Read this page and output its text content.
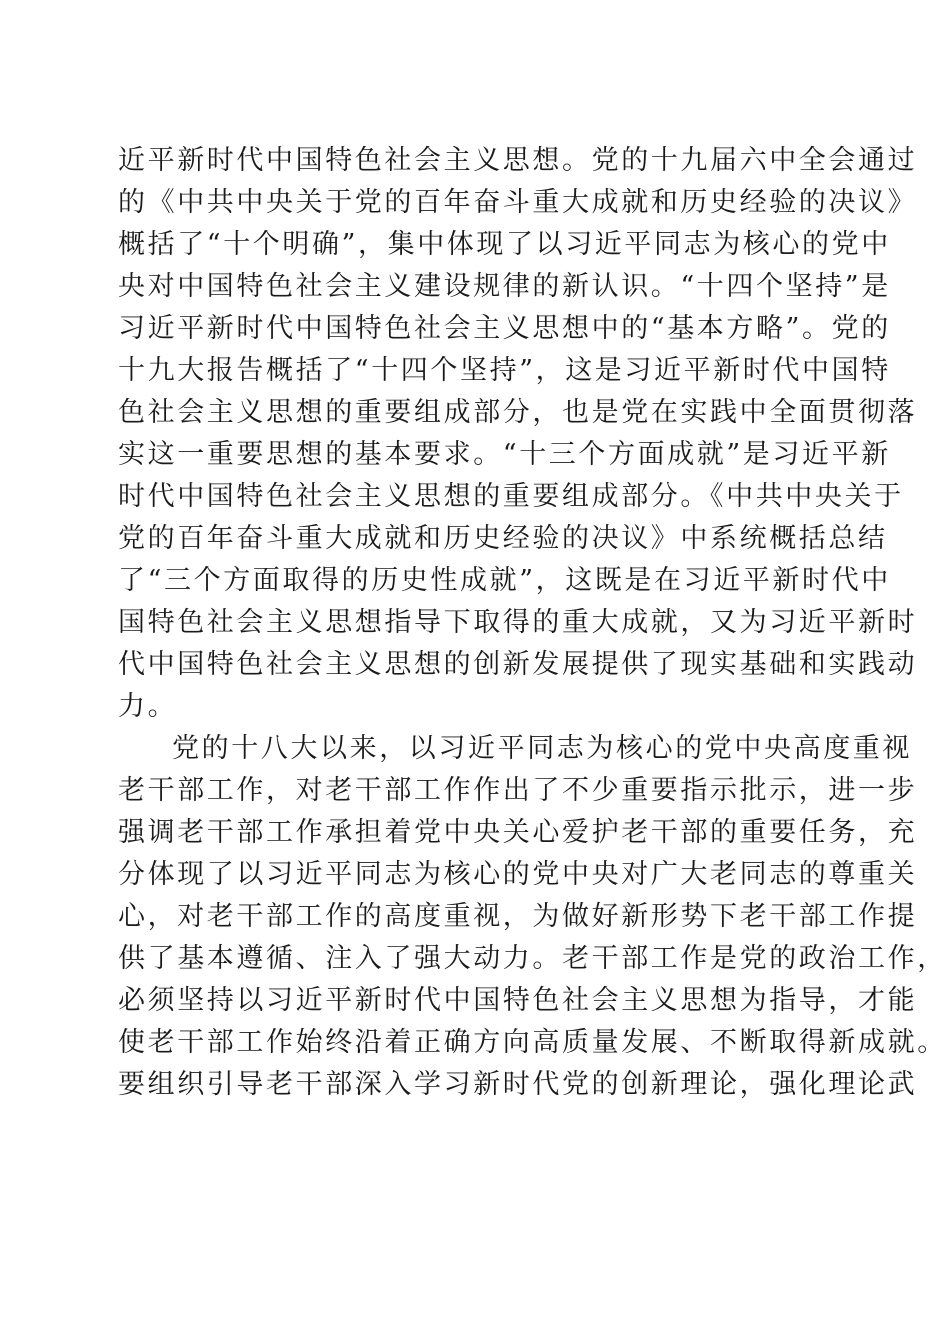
近平新时代中国特色社会主义思想。党的十九届六中全会通过
的《中共中央关于党的百年奋斗重大成就和历史经验的决议》
概括了“十个明确”，集中体现了以习近平同志为核心的党中
央对中国特色社会主义建设规律的新认识。“十四个坚持”是
习近平新时代中国特色社会主义思想中的“基本方略”。党的
十九大报告概括了“十四个坚持”，这是习近平新时代中国特
色社会主义思想的重要组成部分，也是党在实践中全面贯彻落
实这一重要思想的基本要求。“十三个方面成就”是习近平新
时代中国特色社会主义思想的重要组成部分。《中共中央关于
党的百年奋斗重大成就和历史经验的决议》中系统概括总结
了“三个方面取得的历史性成就”，这既是在习近平新时代中
国特色社会主义思想指导下取得的重大成就，又为习近平新时
代中国特色社会主义思想的创新发展提供了现实基础和实践动
力。
党的十八大以来，以习近平同志为核心的党中央高度重视
老干部工作，对老干部工作作出了不少重要指示批示，进一步
强调老干部工作承担着党中央关心爱护老干部的重要任务，充
分体现了以习近平同志为核心的党中央对广大老同志的尊重关
心，对老干部工作的高度重视，为做好新形势下老干部工作提
供了基本遵循、注入了强大动力。老干部工作是党的政治工作，
必须坚持以习近平新时代中国特色社会主义思想为指导，才能
使老干部工作始终沿着正确方向高质量发展、不断取得新成就。
要组织引导老干部深入学习新时代党的创新理论，强化理论武
